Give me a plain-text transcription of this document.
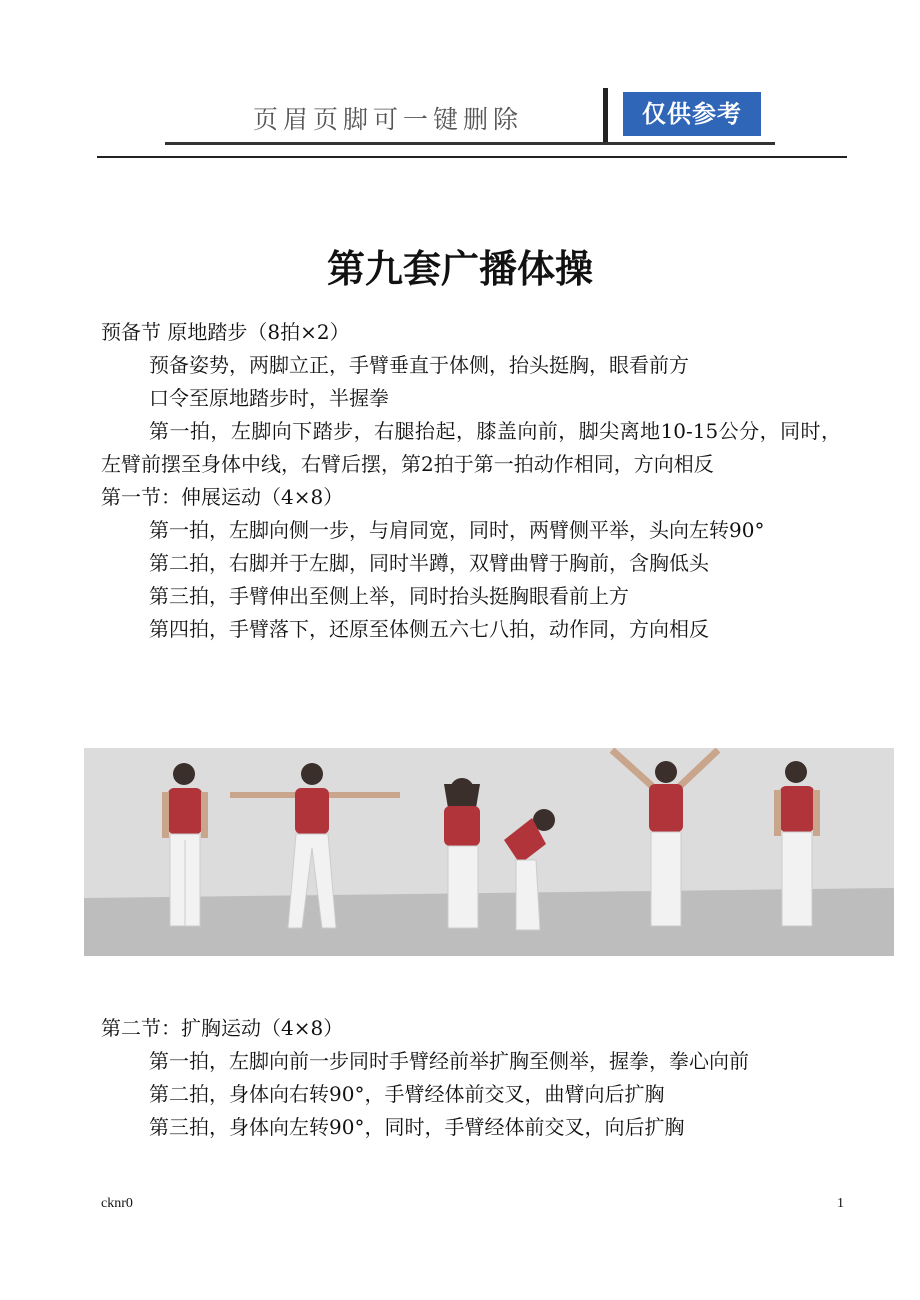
页眉页脚可一键删除	仅供参考
第九套广播体操

预备节 原地踏步（8拍×2）

预备姿势，两脚立正，手臂垂直于体侧，抬头挺胸，眼看前方

口令至原地踏步时，半握拳

第一拍，左脚向下踏步，右腿抬起，膝盖向前，脚尖离地10-15公分，同时，左臂前摆至身体中线，右臂后摆，第2拍于第一拍动作相同，方向相反

第一节：伸展运动（4×8）

第一拍，左脚向侧一步，与肩同宽，同时，两臂侧平举，头向左转90°

第二拍，右脚并于左脚，同时半蹲，双臂曲臂于胸前，含胸低头

第三拍，手臂伸出至侧上举，同时抬头挺胸眼看前上方

第四拍，手臂落下，还原至体侧五六七八拍，动作同，方向相反

第二节：扩胸运动（4×8）

第一拍，左脚向前一步同时手臂经前举扩胸至侧举，握拳，拳心向前

第二拍，身体向右转90°，手臂经体前交叉，曲臂向后扩胸

第三拍，身体向左转90°，同时，手臂经体前交叉，向后扩胸

cknr0	1
